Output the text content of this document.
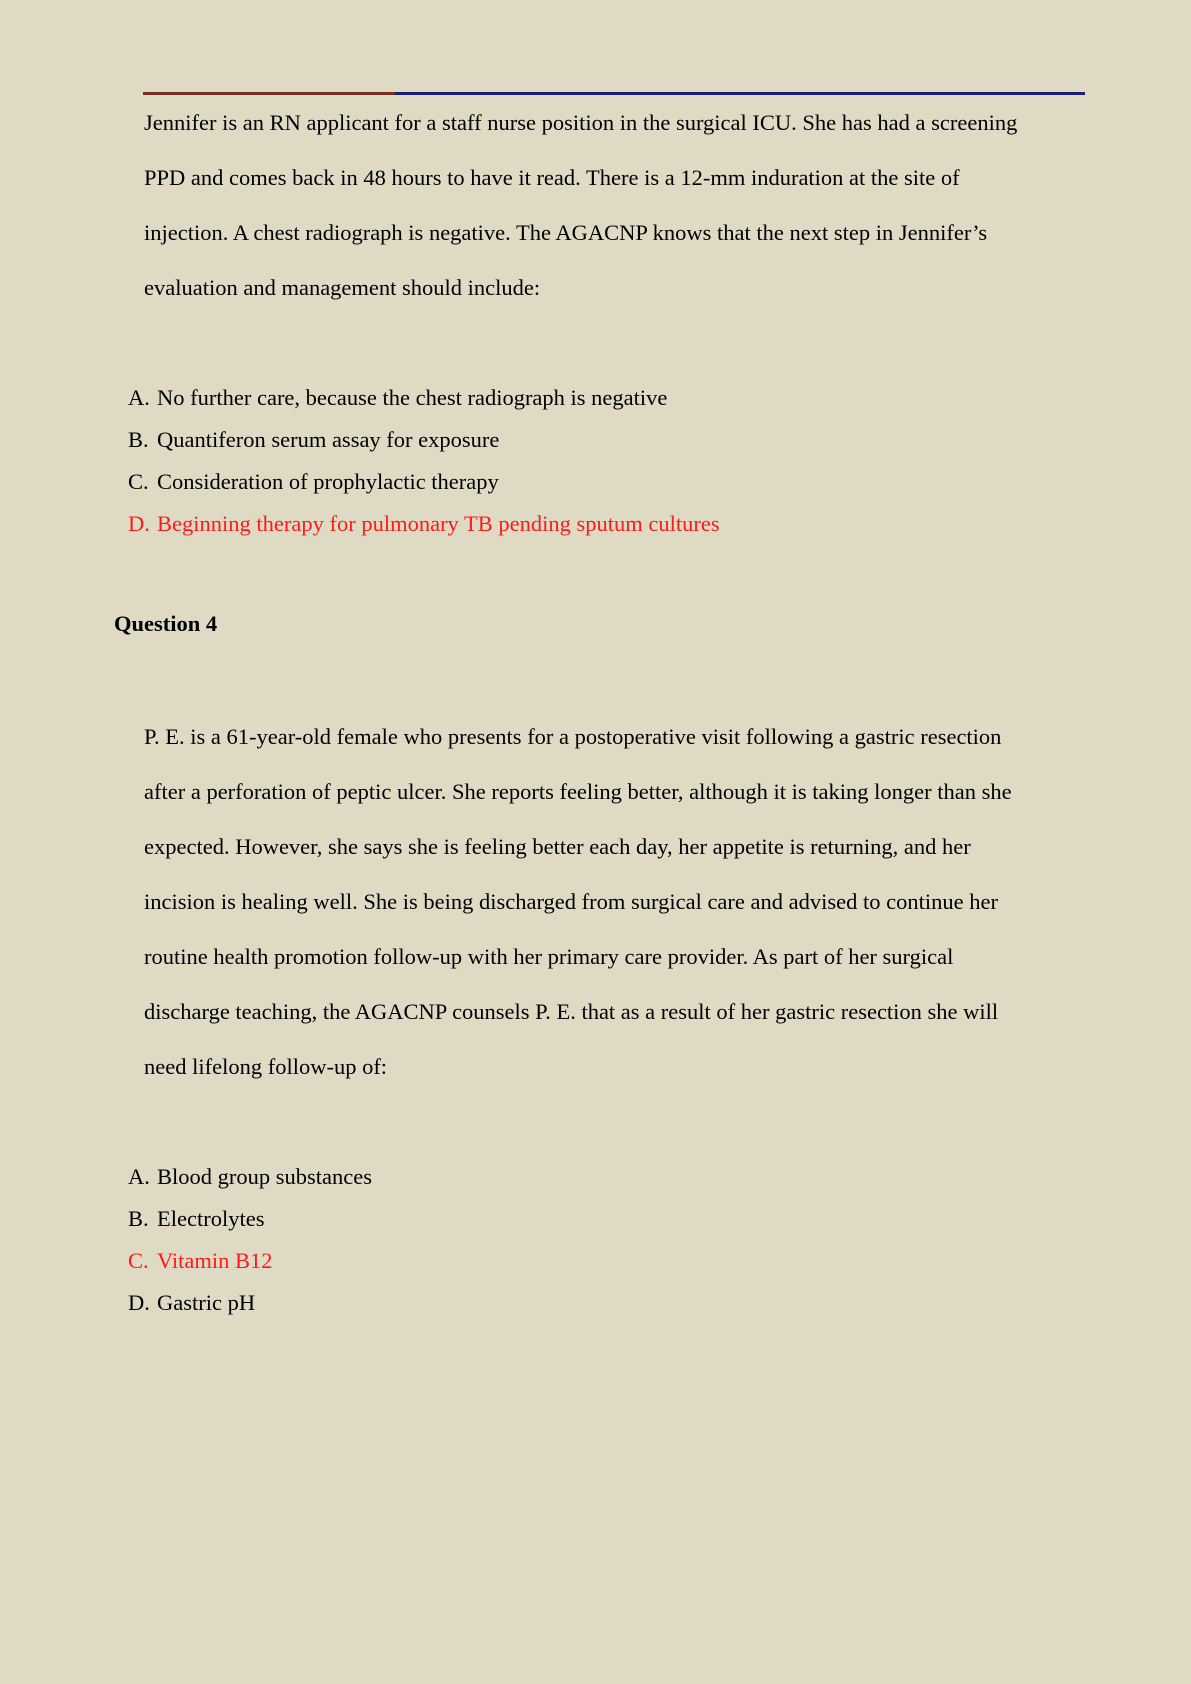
Jennifer is an RN applicant for a staff nurse position in the surgical ICU. She has had a screening
PPD and comes back in 48 hours to have it read. There is a 12-mm induration at the site of
injection. A chest radiograph is negative. The AGACNP knows that the next step in Jennifer’s
evaluation and management should include:
A. No further care, because the chest radiograph is negative
B. Quantiferon serum assay for exposure
C. Consideration of prophylactic therapy
D. Beginning therapy for pulmonary TB pending sputum cultures
Question 4
P. E. is a 61-year-old female who presents for a postoperative visit following a gastric resection
after a perforation of peptic ulcer. She reports feeling better, although it is taking longer than she
expected. However, she says she is feeling better each day, her appetite is returning, and her
incision is healing well. She is being discharged from surgical care and advised to continue her
routine health promotion follow-up with her primary care provider. As part of her surgical
discharge teaching, the AGACNP counsels P. E. that as a result of her gastric resection she will
need lifelong follow-up of:
A. Blood group substances
B. Electrolytes
C. Vitamin B12
D. Gastric pH
